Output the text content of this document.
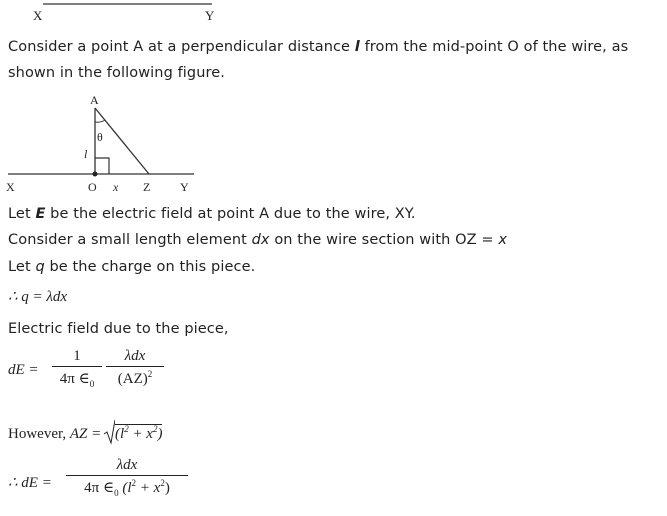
X	Y
Consider a point A at a perpendicular distance l from the mid-point O of the wire, as
shown in the following figure.
A
θ
l
X	O x Z Y
Let E be the electric field at point A due to the wire, XY.
Consider a small length element dx on the wire section with OZ = x
Let q be the charge on this piece.
∴ q = λdx
Electric field due to the piece,
dE =
1
4π $\in_0$
λdx
(AZ)$^2$
However, AZ = $(l^2 + x^2)$
∴ dE =
λdx
4π $\in_0$ $(l^2 + x^2)$
